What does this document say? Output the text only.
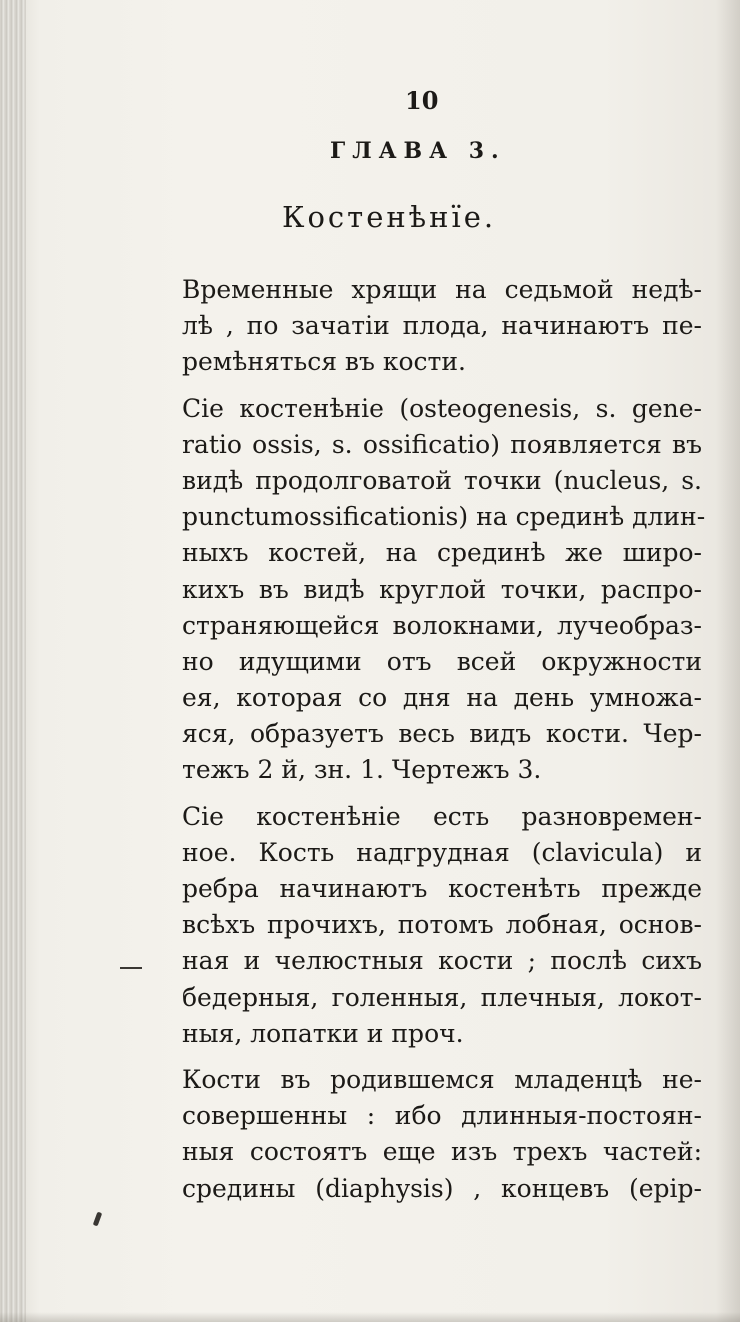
10
ГЛАВА 3.
Костенѣнїе.
Временные хрящи на седьмой недѣ-
лѣ , по зачатіи плода, начинаютъ пе-
ремѣняться въ кости.
Сіе костенѣніе (osteogenesis, s. gene-
ratio ossis, s. ossificatio) появляется въ
видѣ продолговатой точки (nucleus, s.
punctumossificationis) на срединѣ длин-
ныхъ костей, на срединѣ же широ-
кихъ въ видѣ круглой точки, распро-
страняющейся волокнами, лучеобраз-
но идущими отъ всей окружности
ея, которая со дня на день умножа-
яся, образуетъ весь видъ кости. Чер-
тежъ 2 й, зн. 1. Чертежъ 3.
Сіе костенѣніе есть разновремен-
ное. Кость надгрудная (clavicula) и
ребра начинаютъ костенѣть прежде
всѣхъ прочихъ, потомъ лобная, основ-
ная и челюстныя кости ; послѣ сихъ
бедерныя, голенныя, плечныя, локот-
ныя, лопатки и проч.
Кости въ родившемся младенцѣ не-
совершенны : ибо длинныя-постоян-
ныя состоятъ еще изъ трехъ частей:
средины (diaphysis) , концевъ (epip-
